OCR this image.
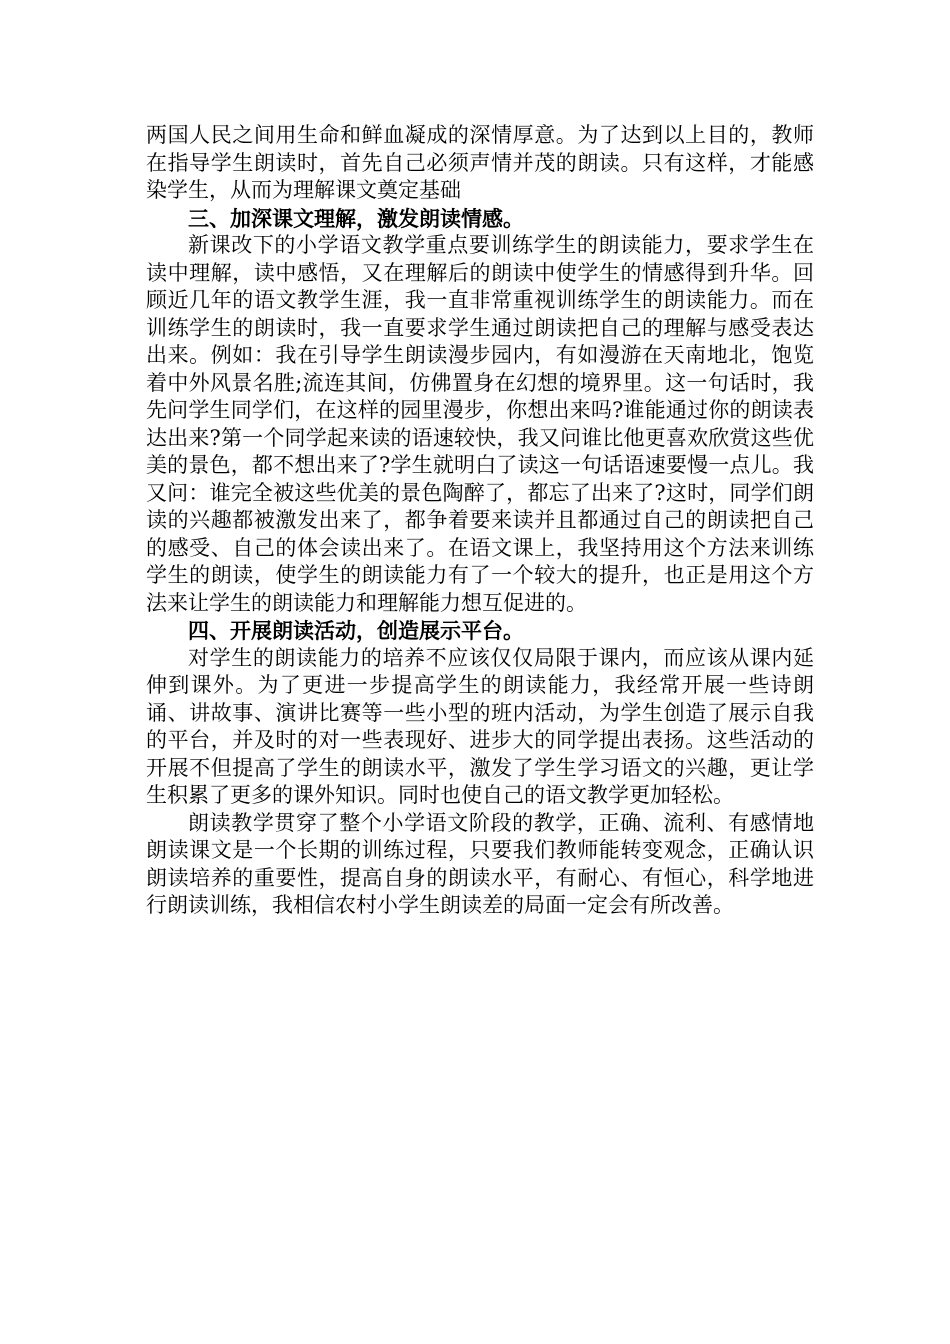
两国人民之间用生命和鲜血凝成的深情厚意。为了达到以上目的，教师在指导学生朗读时，首先自己必须声情并茂的朗读。只有这样，才能感染学生，从而为理解课文奠定基础

三、加深课文理解，激发朗读情感。

新课改下的小学语文教学重点要训练学生的朗读能力，要求学生在读中理解，读中感悟，又在理解后的朗读中使学生的情感得到升华。回顾近几年的语文教学生涯，我一直非常重视训练学生的朗读能力。而在训练学生的朗读时，我一直要求学生通过朗读把自己的理解与感受表达出来。例如：我在引导学生朗读漫步园内，有如漫游在天南地北，饱览着中外风景名胜;流连其间，仿佛置身在幻想的境界里。这一句话时，我先问学生同学们，在这样的园里漫步，你想出来吗?谁能通过你的朗读表达出来?第一个同学起来读的语速较快，我又问谁比他更喜欢欣赏这些优美的景色，都不想出来了?学生就明白了读这一句话语速要慢一点儿。我又问：谁完全被这些优美的景色陶醉了，都忘了出来了?这时，同学们朗读的兴趣都被激发出来了，都争着要来读并且都通过自己的朗读把自己的感受、自己的体会读出来了。在语文课上，我坚持用这个方法来训练学生的朗读，使学生的朗读能力有了一个较大的提升，也正是用这个方法来让学生的朗读能力和理解能力想互促进的。

四、开展朗读活动，创造展示平台。

对学生的朗读能力的培养不应该仅仅局限于课内，而应该从课内延伸到课外。为了更进一步提高学生的朗读能力，我经常开展一些诗朗诵、讲故事、演讲比赛等一些小型的班内活动，为学生创造了展示自我的平台，并及时的对一些表现好、进步大的同学提出表扬。这些活动的开展不但提高了学生的朗读水平，激发了学生学习语文的兴趣，更让学生积累了更多的课外知识。同时也使自己的语文教学更加轻松。

朗读教学贯穿了整个小学语文阶段的教学，正确、流利、有感情地朗读课文是一个长期的训练过程，只要我们教师能转变观念，正确认识朗读培养的重要性，提高自身的朗读水平，有耐心、有恒心，科学地进行朗读训练，我相信农村小学生朗读差的局面一定会有所改善。
